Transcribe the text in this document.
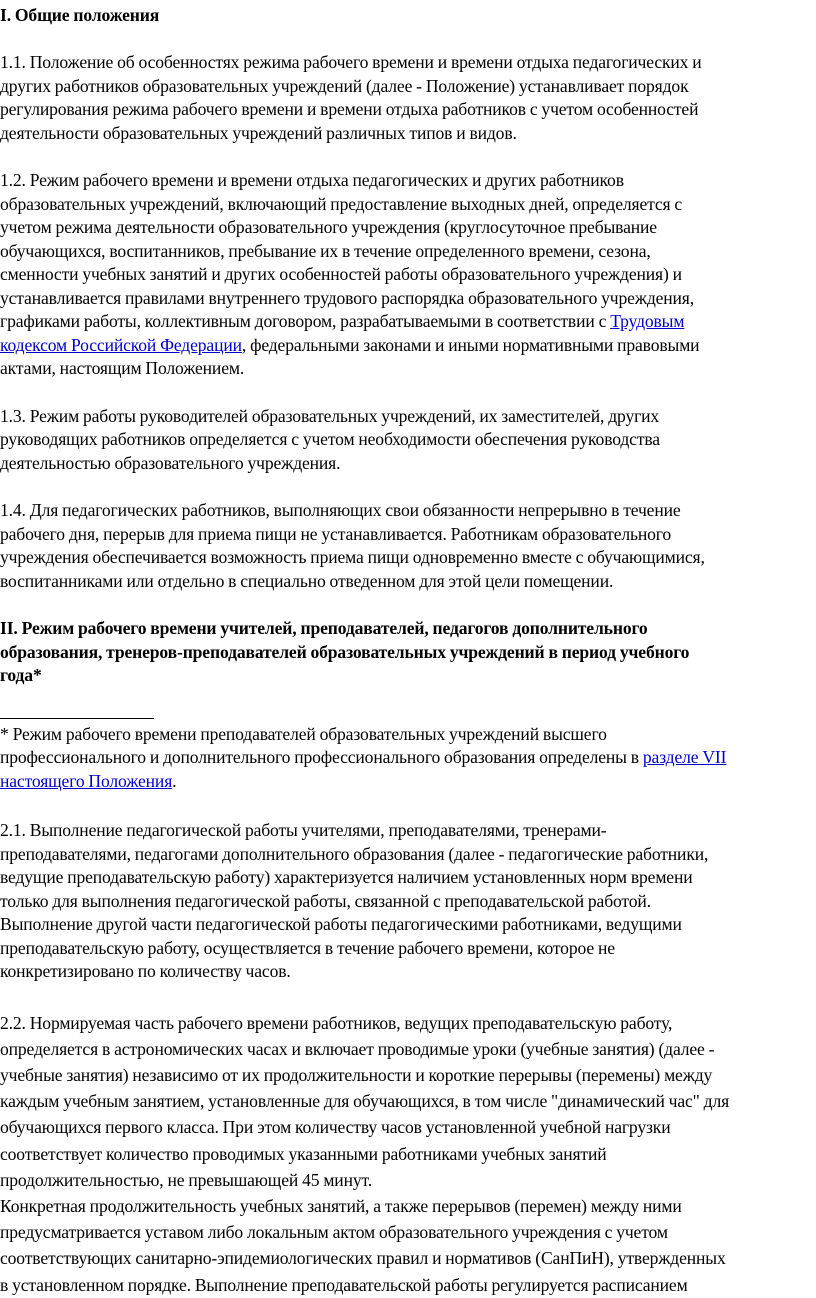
I. Общие положения

1.1. Положение об особенностях режима рабочего времени и времени отдыха педагогических и

других работников образовательных учреждений (далее - Положение) устанавливает порядок

регулирования режима рабочего времени и времени отдыха работников с учетом особенностей

деятельности образовательных учреждений различных типов и видов.

1.2. Режим рабочего времени и времени отдыха педагогических и других работников

образовательных учреждений, включающий предоставление выходных дней, определяется с

учетом режима деятельности образовательного учреждения (круглосуточное пребывание

обучающихся, воспитанников, пребывание их в течение определенного времени, сезона,

сменности учебных занятий и других особенностей работы образовательного учреждения) и

устанавливается правилами внутреннего трудового распорядка образовательного учреждения,

графиками работы, коллективным договором, разрабатываемыми в соответствии с Трудовым

кодексом Российской Федерации, федеральными законами и иными нормативными правовыми

актами, настоящим Положением.

1.3. Режим работы руководителей образовательных учреждений, их заместителей, других

руководящих работников определяется с учетом необходимости обеспечения руководства

деятельностью образовательного учреждения.

1.4. Для педагогических работников, выполняющих свои обязанности непрерывно в течение

рабочего дня, перерыв для приема пищи не устанавливается. Работникам образовательного

учреждения обеспечивается возможность приема пищи одновременно вместе с обучающимися,

воспитанниками или отдельно в специально отведенном для этой цели помещении.

II. Режим рабочего времени учителей, преподавателей, педагогов дополнительного

образования, тренеров-преподавателей образовательных учреждений в период учебного

года*

* Режим рабочего времени преподавателей образовательных учреждений высшего

профессионального и дополнительного профессионального образования определены в разделе VII

настоящего Положения.

2.1. Выполнение педагогической работы учителями, преподавателями, тренерами-

преподавателями, педагогами дополнительного образования (далее - педагогические работники,

ведущие преподавательскую работу) характеризуется наличием установленных норм времени

только для выполнения педагогической работы, связанной с преподавательской работой.

Выполнение другой части педагогической работы педагогическими работниками, ведущими

преподавательскую работу, осуществляется в течение рабочего времени, которое не

конкретизировано по количеству часов.

2.2. Нормируемая часть рабочего времени работников, ведущих преподавательскую работу,

определяется в астрономических часах и включает проводимые уроки (учебные занятия) (далее -

учебные занятия) независимо от их продолжительности и короткие перерывы (перемены) между

каждым учебным занятием, установленные для обучающихся, в том числе "динамический час" для

обучающихся первого класса. При этом количеству часов установленной учебной нагрузки

соответствует количество проводимых указанными работниками учебных занятий

продолжительностью, не превышающей 45 минут.

Конкретная продолжительность учебных занятий, а также перерывов (перемен) между ними

предусматривается уставом либо локальным актом образовательного учреждения с учетом

соответствующих санитарно-эпидемиологических правил и нормативов (СанПиН), утвержденных

в установленном порядке. Выполнение преподавательской работы регулируется расписанием
